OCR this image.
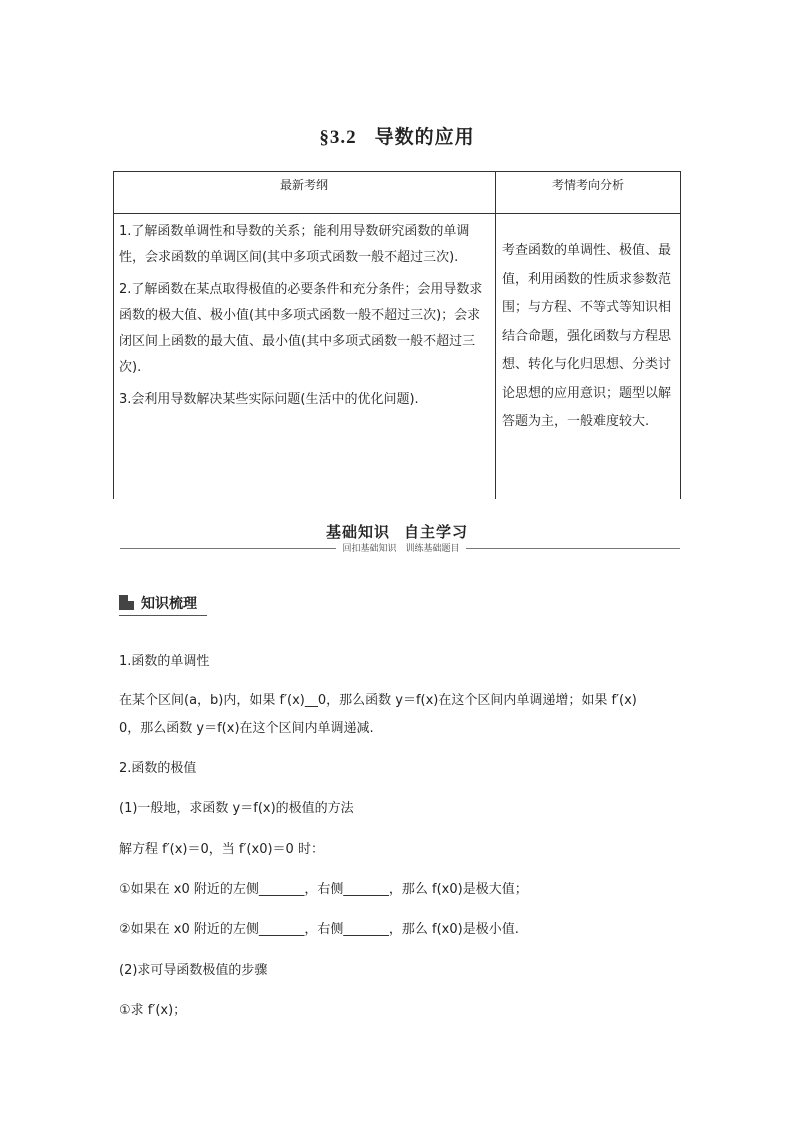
§3.2 导数的应用
最新考纲	考情考向分析

1.了解函数单调性和导数的关系；能利用导数研究函数的单调性，会求函数的单调区间(其中多项式函数一般不超过三次).

2.了解函数在某点取得极值的必要条件和充分条件；会用导数求函数的极大值、极小值(其中多项式函数一般不超过三次)；会求闭区间上函数的最大值、最小值(其中多项式函数一般不超过三次).

3.会利用导数解决某些实际问题(生活中的优化问题).

考查函数的单调性、极值、最值，利用函数的性质求参数范围；与方程、不等式等知识相结合命题，强化函数与方程思想、转化与化归思想、分类讨论思想的应用意识；题型以解答题为主，一般难度较大.
基础知识 自主学习
回扣基础知识　训练基础题目
知识梳理
1.函数的单调性
在某个区间(a，b)内，如果 f′(x)__0，那么函数 y＝f(x)在这个区间内单调递增；如果 f′(x)
0，那么函数 y＝f(x)在这个区间内单调递减.
2.函数的极值
(1)一般地，求函数 y＝f(x)的极值的方法
解方程 f′(x)＝0，当 f′(x0)＝0 时：
①如果在 x0 附近的左侧_______，右侧_______，那么 f(x0)是极大值；
②如果在 x0 附近的左侧_______，右侧_______，那么 f(x0)是极小值.
(2)求可导函数极值的步骤
①求 f′(x)；
